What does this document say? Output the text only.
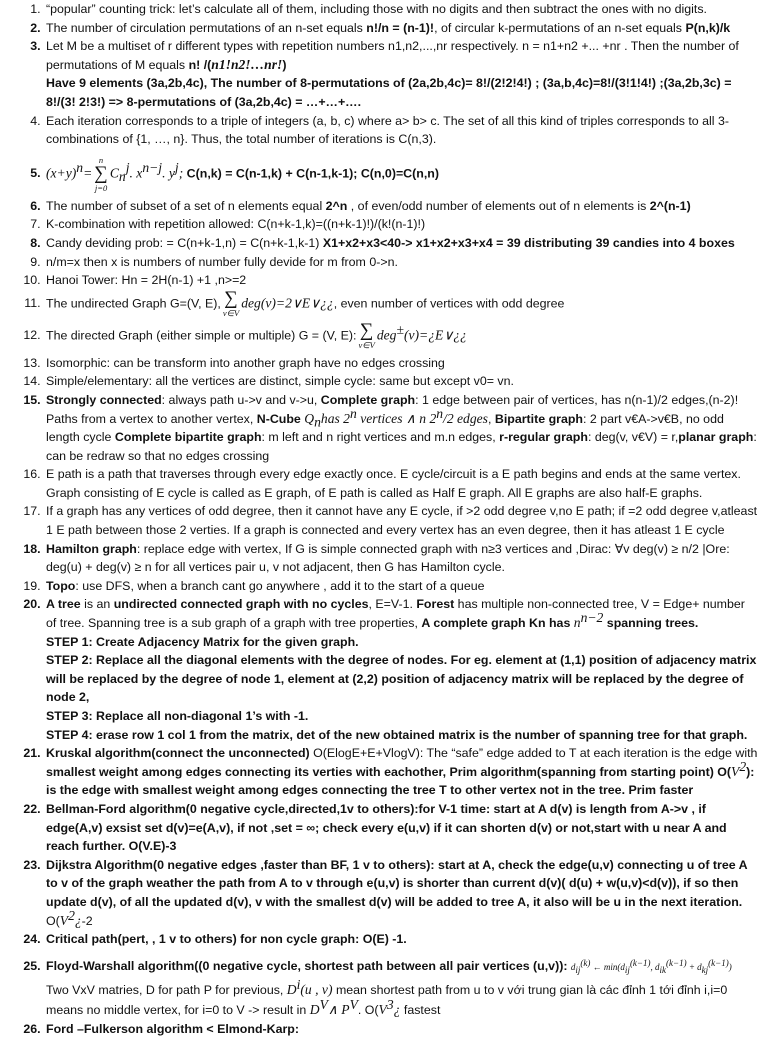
1. “popular” counting trick: let’s calculate all of them, including those with no digits and then subtract the ones with no digits.
2. The number of circulation permutations of an n-set equals n!/n = (n-1)!, of circular k-permutations of an n-set equals P(n,k)/k
3. Let M be a multiset of r different types with repetition numbers n1,n2,...,nr respectively. n = n1+n2 +... +nr . Then the number of permutations of M equals n! /(n1!n2!…nr!)
Have 9 elements (3a,2b,4c), The number of 8-permutations of (2a,2b,4c)= 8!/(2!2!4!) ; (3a,b,4c)=8!/(3!1!4!) ;(3a,2b,3c) = 8!/(3! 2!3!) => 8-permutations of (3a,2b,4c) = …+…+….
4. Each iteration corresponds to a triple of integers (a, b, c) where a> b> c. The set of all this kind of triples corresponds to all 3-combinations of {1, …, n}. Thus, the total number of iterations is C(n,3).
5. $(x+y)^n=$
n
∑
j=0
$C_n^j$. $x^{n-j}$. $y^j$; C(n,k) = C(n-1,k) + C(n-1,k-1); C(n,0)=C(n,n)
6. The number of subset of a set of n elements equal 2^n , of even/odd number of elements out of n elements is 2^(n-1)
7. K-combination with repetition allowed: C(n+k-1,k)=((n+k-1)!)/(k!(n-1)!)
8. Candy deviding prob: = C(n+k-1,n) = C(n+k-1,k-1) X1+x2+x3<40-> x1+x2+x3+x4 = 39 distributing 39 candies into 4 boxes
9. n/m=x then x is numbers of number fully devide for m from 0->n.
10. Hanoi Tower: Hn = 2H(n-1) +1 ,n>=2
11. The undirected Graph G=(V, E), ∑
v∈V
deg(v)=2∨E∨¿¿, even number of vertices with odd degree
12. The directed Graph (either simple or multiple) G = (V, E): ∑
v∈V
deg±(v)=¿E∨¿¿
13. Isomorphic: can be transform into another graph have no edges crossing
14. Simple/elementary: all the vertices are distinct, simple cycle: same but except v0= vn.
15. Strongly connected: always path u->v and v->u, Complete graph: 1 edge between pair of vertices, has n(n-1)/2 edges,(n-2)! Paths from a vertex to another vertex, N-Cube $Q_nhas$ 2$^n$ vertices ∧ n 2$^n$/2 edges, Bipartite graph: 2 part v€A->v€B, no odd length cycle Complete bipartite graph: m left and n right vertices and m.n edges, r-regular graph: deg(v, v€V) = r,planar graph: can be redraw so that no edges crossing
16. E path is a path that traverses through every edge exactly once. E cycle/circuit is a E path begins and ends at the same vertex. Graph consisting of E cycle is called as E graph, of E path is called as Half E graph. All E graphs are also half-E graphs.
17. If a graph has any vertices of odd degree, then it cannot have any E cycle, if >2 odd degree v,no E path; if =2 odd degree v,atleast 1 E path between those 2 verties. If a graph is connected and every vertex has an even degree, then it has atleast 1 E cycle
18. Hamilton graph: replace edge with vertex, If G is simple connected graph with n≥3 vertices and ,Dirac: ∀v deg(v) ≥ n/2 |Ore: deg(u) + deg(v) ≥ n for all vertices pair u, v not adjacent, then G has Hamilton cycle.
19. Topo: use DFS, when a branch cant go anywhere , add it to the start of a queue
20. A tree is an undirected connected graph with no cycles, E=V-1. Forest has multiple non-connected tree, V = Edge+ number of tree. Spanning tree is a sub graph of a graph with tree properties, A complete graph Kn has $n^{n-2}$ spanning trees.
STEP 1: Create Adjacency Matrix for the given graph.
STEP 2: Replace all the diagonal elements with the degree of nodes. For eg. element at (1,1) position of adjacency matrix will be replaced by the degree of node 1, element at (2,2) position of adjacency matrix will be replaced by the degree of node 2,
STEP 3: Replace all non-diagonal 1’s with -1.
STEP 4: erase row 1 col 1 from the matrix, det of the new obtained matrix is the number of spanning tree for that graph.
21. Kruskal algorithm(connect the unconnected) O(ElogE+E+VlogV): The “safe” edge added to T at each iteration is the edge with smallest weight among edges connecting its verties with eachother, Prim algorithm(spanning from starting point) $O(V^2)$: is the edge with smallest weight among edges connecting the tree T to other vertex not in the tree. Prim faster
22. Bellman-Ford algorithm(0 negative cycle,directed,1v to others):for V-1 time: start at A d(v) is length from A->v , if edge(A,v) exsist set d(v)=e(A,v), if not ,set = ∞; check every e(u,v) if it can shorten d(v) or not,start with u near A and reach further. O(V.E)-3
23. Dijkstra Algorithm(0 negative edges ,faster than BF, 1 v to others): start at A, check the edge(u,v) connecting u of tree A to v of the graph weather the path from A to v through e(u,v) is shorter than current d(v)( d(u) + w(u,v)<d(v)), if so then update d(v), of all the updated d(v), v with the smallest d(v) will be added to tree A, it also will be u in the next iteration. $O(V^2¿-2$
24. Critical path(pert, , 1 v to others) for non cycle graph: O(E) -1.
25. Floyd-Warshall algorithm((0 negative cycle, shortest path between all pair vertices (u,v)): $d_{ij}^{(k)}$ ← $\min(d_{ij}^{(k-1)}$, $d_{ik}^{(k-1)} + d_{kj}^{(k-1)}$)
Two VxV matries, D for path P for previous, $D^i(u$ , v) mean shortest path from u to v với trung gian là các đỉnh 1 tới đỉnh i,i=0 means no middle vertex, for i=0 to V -> result in $D^V\wedge$ $P^V$. $O(V^3¿$ fastest
26. Ford –Fulkerson algorithm < Elmond-Karp:
